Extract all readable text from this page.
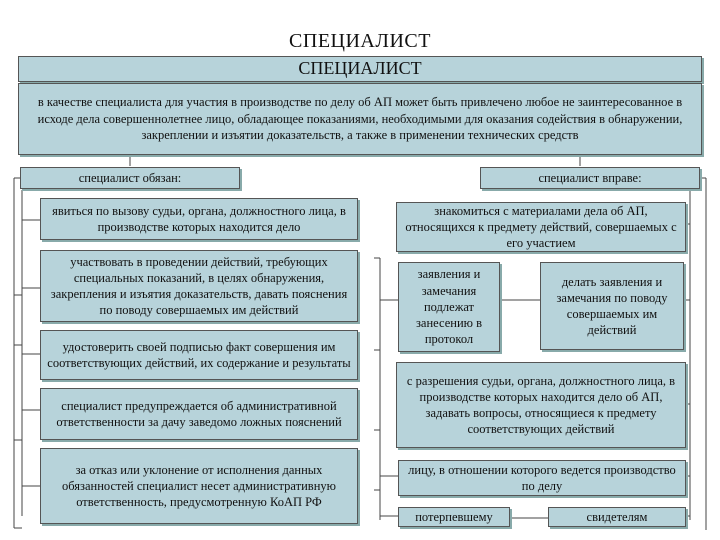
СПЕЦИАЛИСТ
СПЕЦИАЛИСТ
в качестве специалиста для участия в производстве по делу об АП может быть привлечено любое не заинтересованное в исходе дела совершеннолетнее лицо, обладающее показаниями, необходимыми для оказания содействия в обнаружении, закреплении и изъятии доказательств, а также в применении технических средств
специалист обязан:	специалист вправе:
явиться по вызову судьи, органа, должностного лица, в производстве которых находится дело
участвовать в проведении действий, требующих специальных показаний, в целях обнаружения, закрепления и изъятия доказательств, давать пояснения по поводу совершаемых им действий
удостоверить своей подписью факт совершения им соответствующих действий, их содержание и результаты
специалист предупреждается об административной ответственности за дачу заведомо ложных пояснений
за отказ или уклонение от исполнения данных обязанностей специалист несет административную ответственность, предусмотренную КоАП РФ
знакомиться с материалами дела об АП, относящихся к предмету действий, совершаемых с его участием
заявления и замечания подлежат занесению в протокол
делать заявления и замечания по поводу совершаемых им действий
с разрешения судьи, органа, должностного лица, в производстве которых находится дело об АП, задавать вопросы, относящиеся к предмету соответствующих действий
лицу, в отношении которого ведется производство по делу
потерпевшему	свидетелям
